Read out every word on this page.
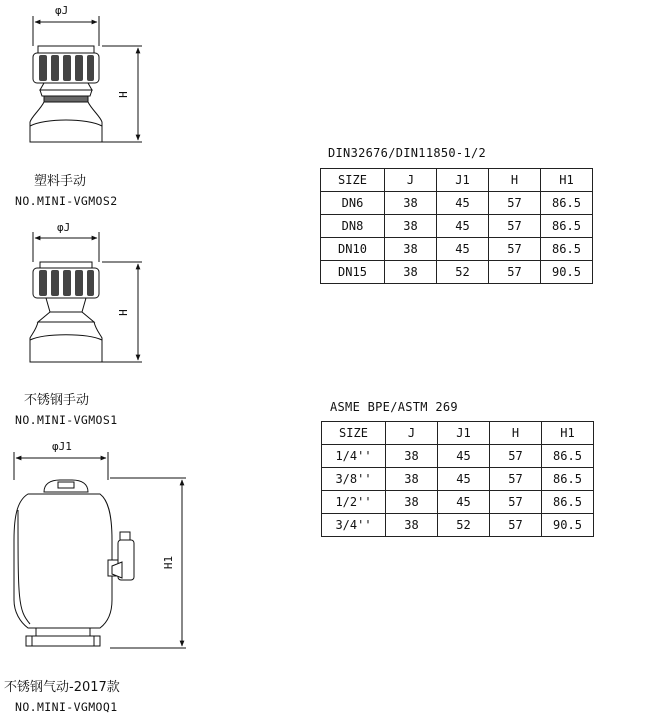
φJ
H
φJ
H
φJ1
H1
塑料手动
NO.MINI-VGMOS2
不锈钢手动
NO.MINI-VGMOS1
不锈钢气动-2017款
NO.MINI-VGMOQ1
DIN32676/DIN11850-1/2
SIZE	J	J1	H	H1
DN6	38	45	57	86.5
DN8	38	45	57	86.5
DN10	38	45	57	86.5
DN15	38	52	57	90.5
ASME BPE/ASTM 269
SIZE	J	J1	H	H1
1/4''	38	45	57	86.5
3/8''	38	45	57	86.5
1/2''	38	45	57	86.5
3/4''	38	52	57	90.5
